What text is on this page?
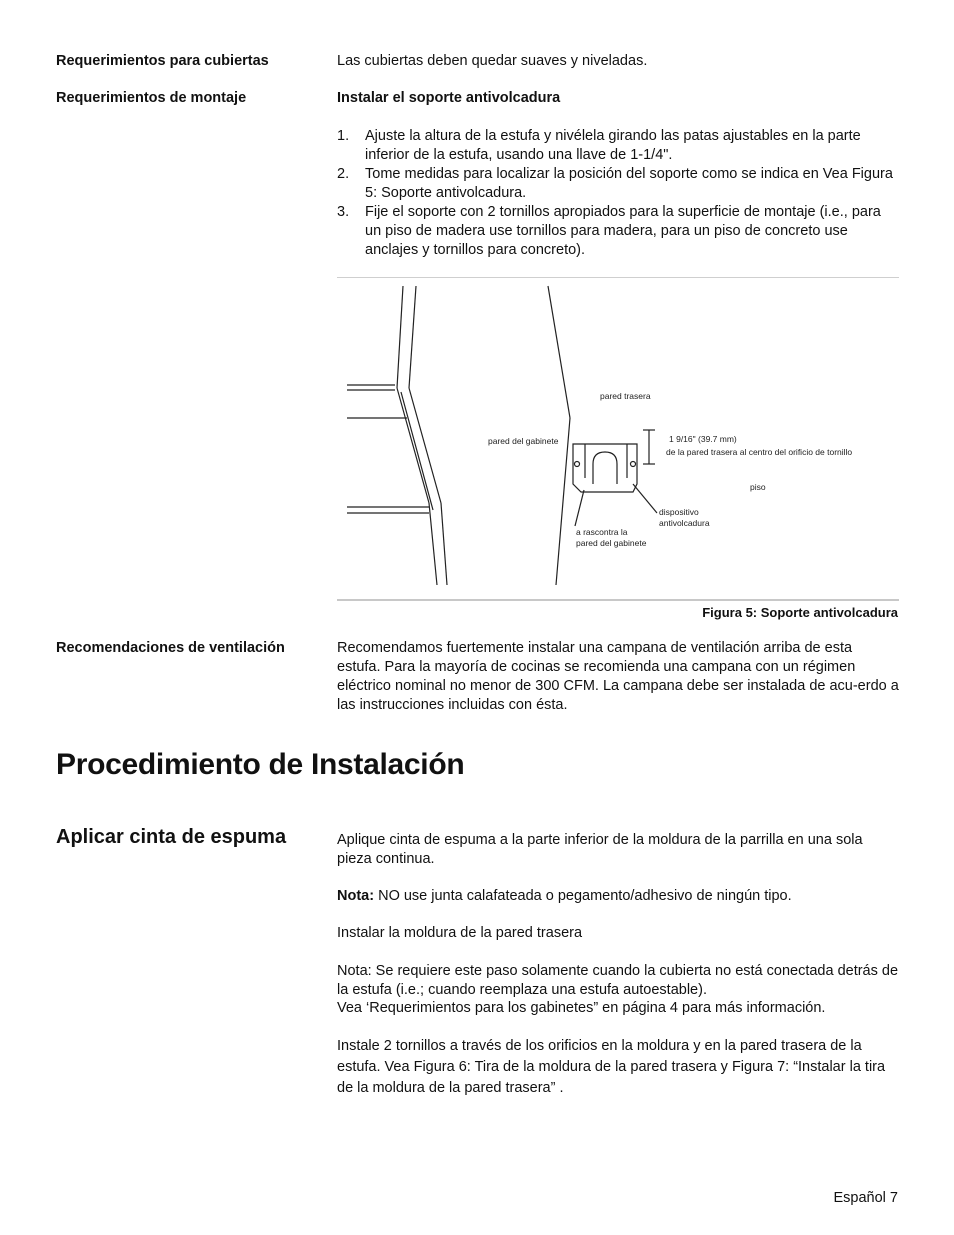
Requerimientos para cubiertas	Las cubiertas deben quedar suaves y niveladas.
Requerimientos de montaje	Instalar el soporte antivolcadura
1. Ajuste la altura de la estufa y nivélela girando las patas ajustables en la parte inferior de la estufa, usando una llave de 1-1/4".
2. Tome medidas para localizar la posición del soporte como se indica en Vea Figura 5: Soporte antivolcadura.
3. Fije el soporte con 2 tornillos apropiados para la superficie de montaje (i.e., para un piso de madera use tornillos para madera, para un piso de concreto use anclajes y tornillos para concreto).
pared trasera
pared del gabinete	1 9/16" (39.7 mm)
de la pared trasera al centro del orificio de tornillo
piso
dispositivo
antivolcadura
a rascontra la
pared del gabinete
Figura 5: Soporte antivolcadura
Recomendaciones de ventilación	Recomendamos fuertemente instalar una campana de ventilación arriba de esta estufa. Para la mayoría de cocinas se recomienda una campana con un régimen eléctrico nominal no menor de 300 CFM. La campana debe ser instalada de acu-erdo a las instrucciones incluidas con ésta.
Procedimiento de Instalación
Aplicar cinta de espuma	Aplique cinta de espuma a la parte inferior de la moldura de la parrilla en una sola pieza continua.
Nota: NO use junta calafateada o pegamento/adhesivo de ningún tipo.
Instalar la moldura de la pared trasera
Nota: Se requiere este paso solamente cuando la cubierta no está conectada detrás de la estufa (i.e.; cuando reemplaza una estufa autoestable).
Vea ‘Requerimientos para los gabinetes” en página 4 para más información.
Instale 2 tornillos a través de los orificios en la moldura y en la pared trasera de la estufa. Vea Figura 6: Tira de la moldura de la pared trasera y Figura 7: “Instalar la tira de la moldura de la pared trasera” .
Español 7
